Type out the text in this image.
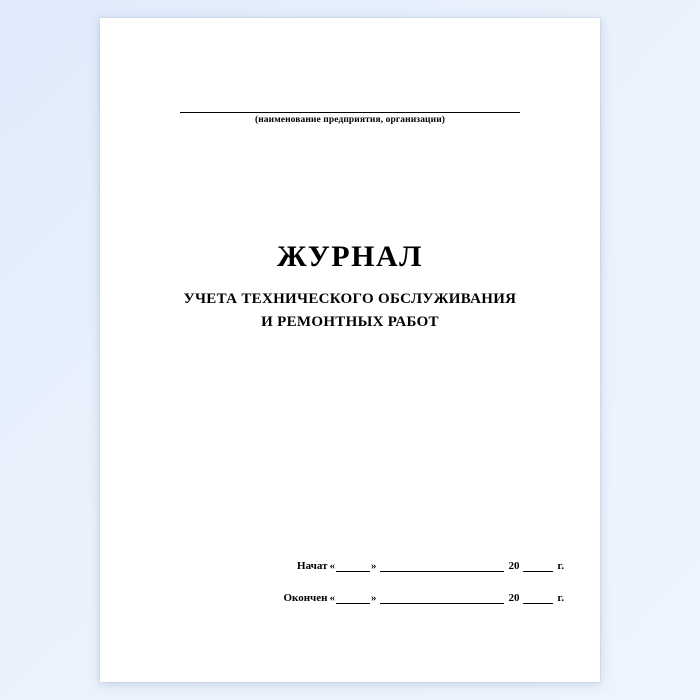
(наименование предприятия, организации)
ЖУРНАЛ
УЧЕТА ТЕХНИЧЕСКОГО ОБСЛУЖИВАНИЯ
И РЕМОНТНЫХ РАБОТ
Начат «	»	20	г.
Окончен «	»	20	г.
